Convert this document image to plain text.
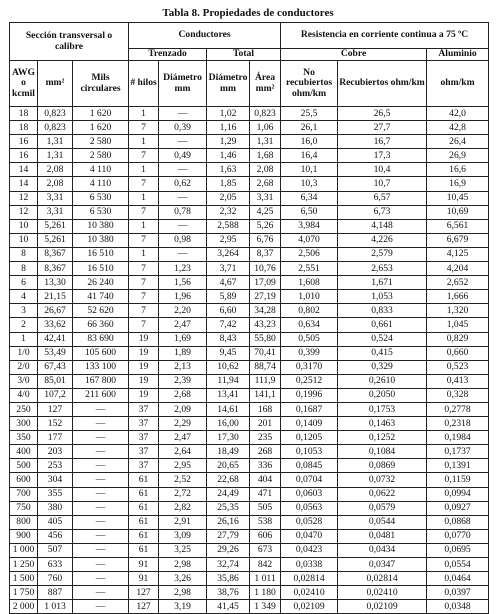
Tabla 8. Propiedades de conductores
Sección transversal o calibre			Conductores				Resistencia en corriente continua a 75 ºC		
			Trenzado		Total		Cobre		Aluminio
AWG o kcmil	mm²	Mils circulares	# hilos	Diámetro mm	Diámetro mm	Área mm²	No recubiertos ohm/km	Recubiertos ohm/km	ohm/km
18	0,823	1 620	1	—	1,02	0,823	25,5	26,5	42,0
18	0,823	1 620	7	0,39	1,16	1,06	26,1	27,7	42,8
16	1,31	2 580	1	—	1,29	1,31	16,0	16,7	26,4
16	1,31	2 580	7	0,49	1,46	1,68	16,4	17,3	26,9
14	2,08	4 110	1	—	1,63	2,08	10,1	10,4	16,6
14	2,08	4 110	7	0,62	1,85	2,68	10,3	10,7	16,9
12	3,31	6 530	1	—	2,05	3,31	6,34	6,57	10,45
12	3,31	6 530	7	0,78	2,32	4,25	6,50	6,73	10,69
10	5,261	10 380	1	—	2,588	5,26	3,984	4,148	6,561
10	5,261	10 380	7	0,98	2,95	6,76	4,070	4,226	6,679
8	8,367	16 510	1	—	3,264	8,37	2,506	2,579	4,125
8	8,367	16 510	7	1,23	3,71	10,76	2,551	2,653	4,204
6	13,30	26 240	7	1,56	4,67	17,09	1,608	1,671	2,652
4	21,15	41 740	7	1,96	5,89	27,19	1,010	1,053	1,666
3	26,67	52 620	7	2,20	6,60	34,28	0,802	0,833	1,320
2	33,62	66 360	7	2,47	7,42	43,23	0,634	0,661	1,045
1	42,41	83 690	19	1,69	8,43	55,80	0,505	0,524	0,829
1/0	53,49	105 600	19	1,89	9,45	70,41	0,399	0,415	0,660
2/0	67,43	133 100	19	2,13	10,62	88,74	0,3170	0,329	0,523
3/0	85,01	167 800	19	2,39	11,94	111,9	0,2512	0,2610	0,413
4/0	107,2	211 600	19	2,68	13,41	141,1	0,1996	0,2050	0,328
250	127	—	37	2,09	14,61	168	0,1687	0,1753	0,2778
300	152	—	37	2,29	16,00	201	0,1409	0,1463	0,2318
350	177	—	37	2,47	17,30	235	0,1205	0,1252	0,1984
400	203	—	37	2,64	18,49	268	0,1053	0,1084	0,1737
500	253	—	37	2,95	20,65	336	0,0845	0,0869	0,1391
600	304	—	61	2,52	22,68	404	0,0704	0,0732	0,1159
700	355	—	61	2,72	24,49	471	0,0603	0,0622	0,0994
750	380	—	61	2,82	25,35	505	0,0563	0,0579	0,0927
800	405	—	61	2,91	26,16	538	0,0528	0,0544	0,0868
900	456	—	61	3,09	27,79	606	0,0470	0,0481	0,0770
1 000	507	—	61	3,25	29,26	673	0,0423	0,0434	0,0695
1 250	633	—	91	2,98	32,74	842	0,0338	0,0347	0,0554
1 500	760	—	91	3,26	35,86	1 011	0,02814	0,02814	0,0464
1 750	887	—	127	2,98	38,76	1 180	0,02410	0,02410	0,0397
2 000	1 013	—	127	3,19	41,45	1 349	0,02109	0,02109	0,0348
